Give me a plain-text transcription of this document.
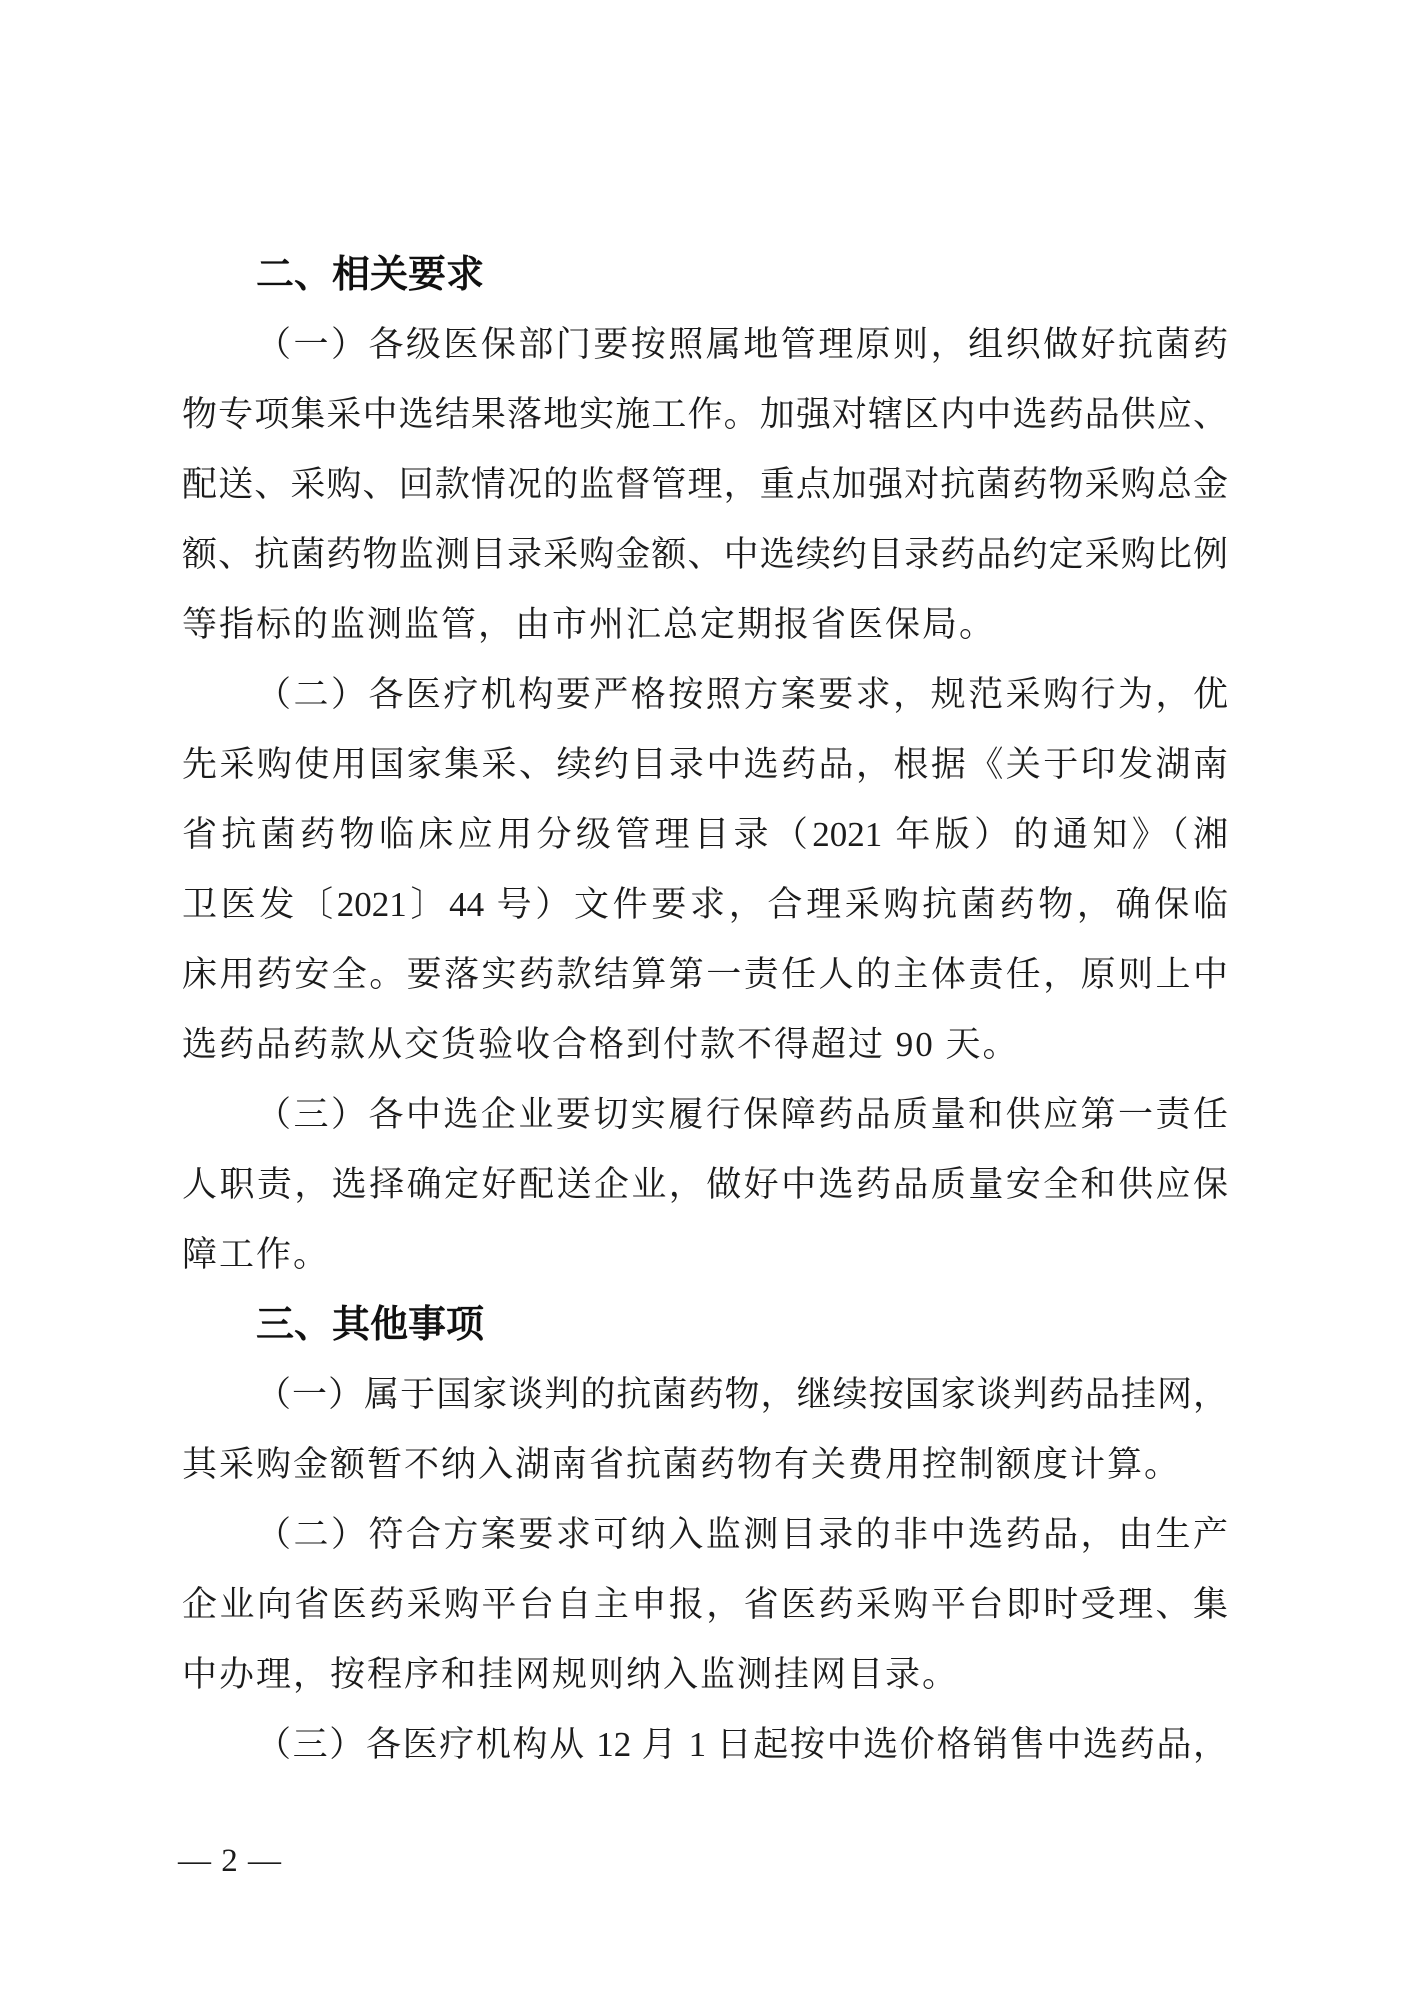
二、相关要求
（一）各级医保部门要按照属地管理原则，组织做好抗菌药
物专项集采中选结果落地实施工作。加强对辖区内中选药品供应、
配送、采购、回款情况的监督管理，重点加强对抗菌药物采购总金
额、抗菌药物监测目录采购金额、中选续约目录药品约定采购比例
等指标的监测监管，由市州汇总定期报省医保局。
（二）各医疗机构要严格按照方案要求，规范采购行为，优
先采购使用国家集采、续约目录中选药品，根据《关于印发湖南
省抗菌药物临床应用分级管理目录（2021 年版）的通知》（湘
卫医发〔2021〕44 号）文件要求，合理采购抗菌药物，确保临
床用药安全。要落实药款结算第一责任人的主体责任，原则上中
选药品药款从交货验收合格到付款不得超过 90 天。
（三）各中选企业要切实履行保障药品质量和供应第一责任
人职责，选择确定好配送企业，做好中选药品质量安全和供应保
障工作。
三、其他事项
（一）属于国家谈判的抗菌药物，继续按国家谈判药品挂网，
其采购金额暂不纳入湖南省抗菌药物有关费用控制额度计算。
（二）符合方案要求可纳入监测目录的非中选药品，由生产
企业向省医药采购平台自主申报，省医药采购平台即时受理、集
中办理，按程序和挂网规则纳入监测挂网目录。
（三）各医疗机构从 12 月 1 日起按中选价格销售中选药品，
— 2 —
